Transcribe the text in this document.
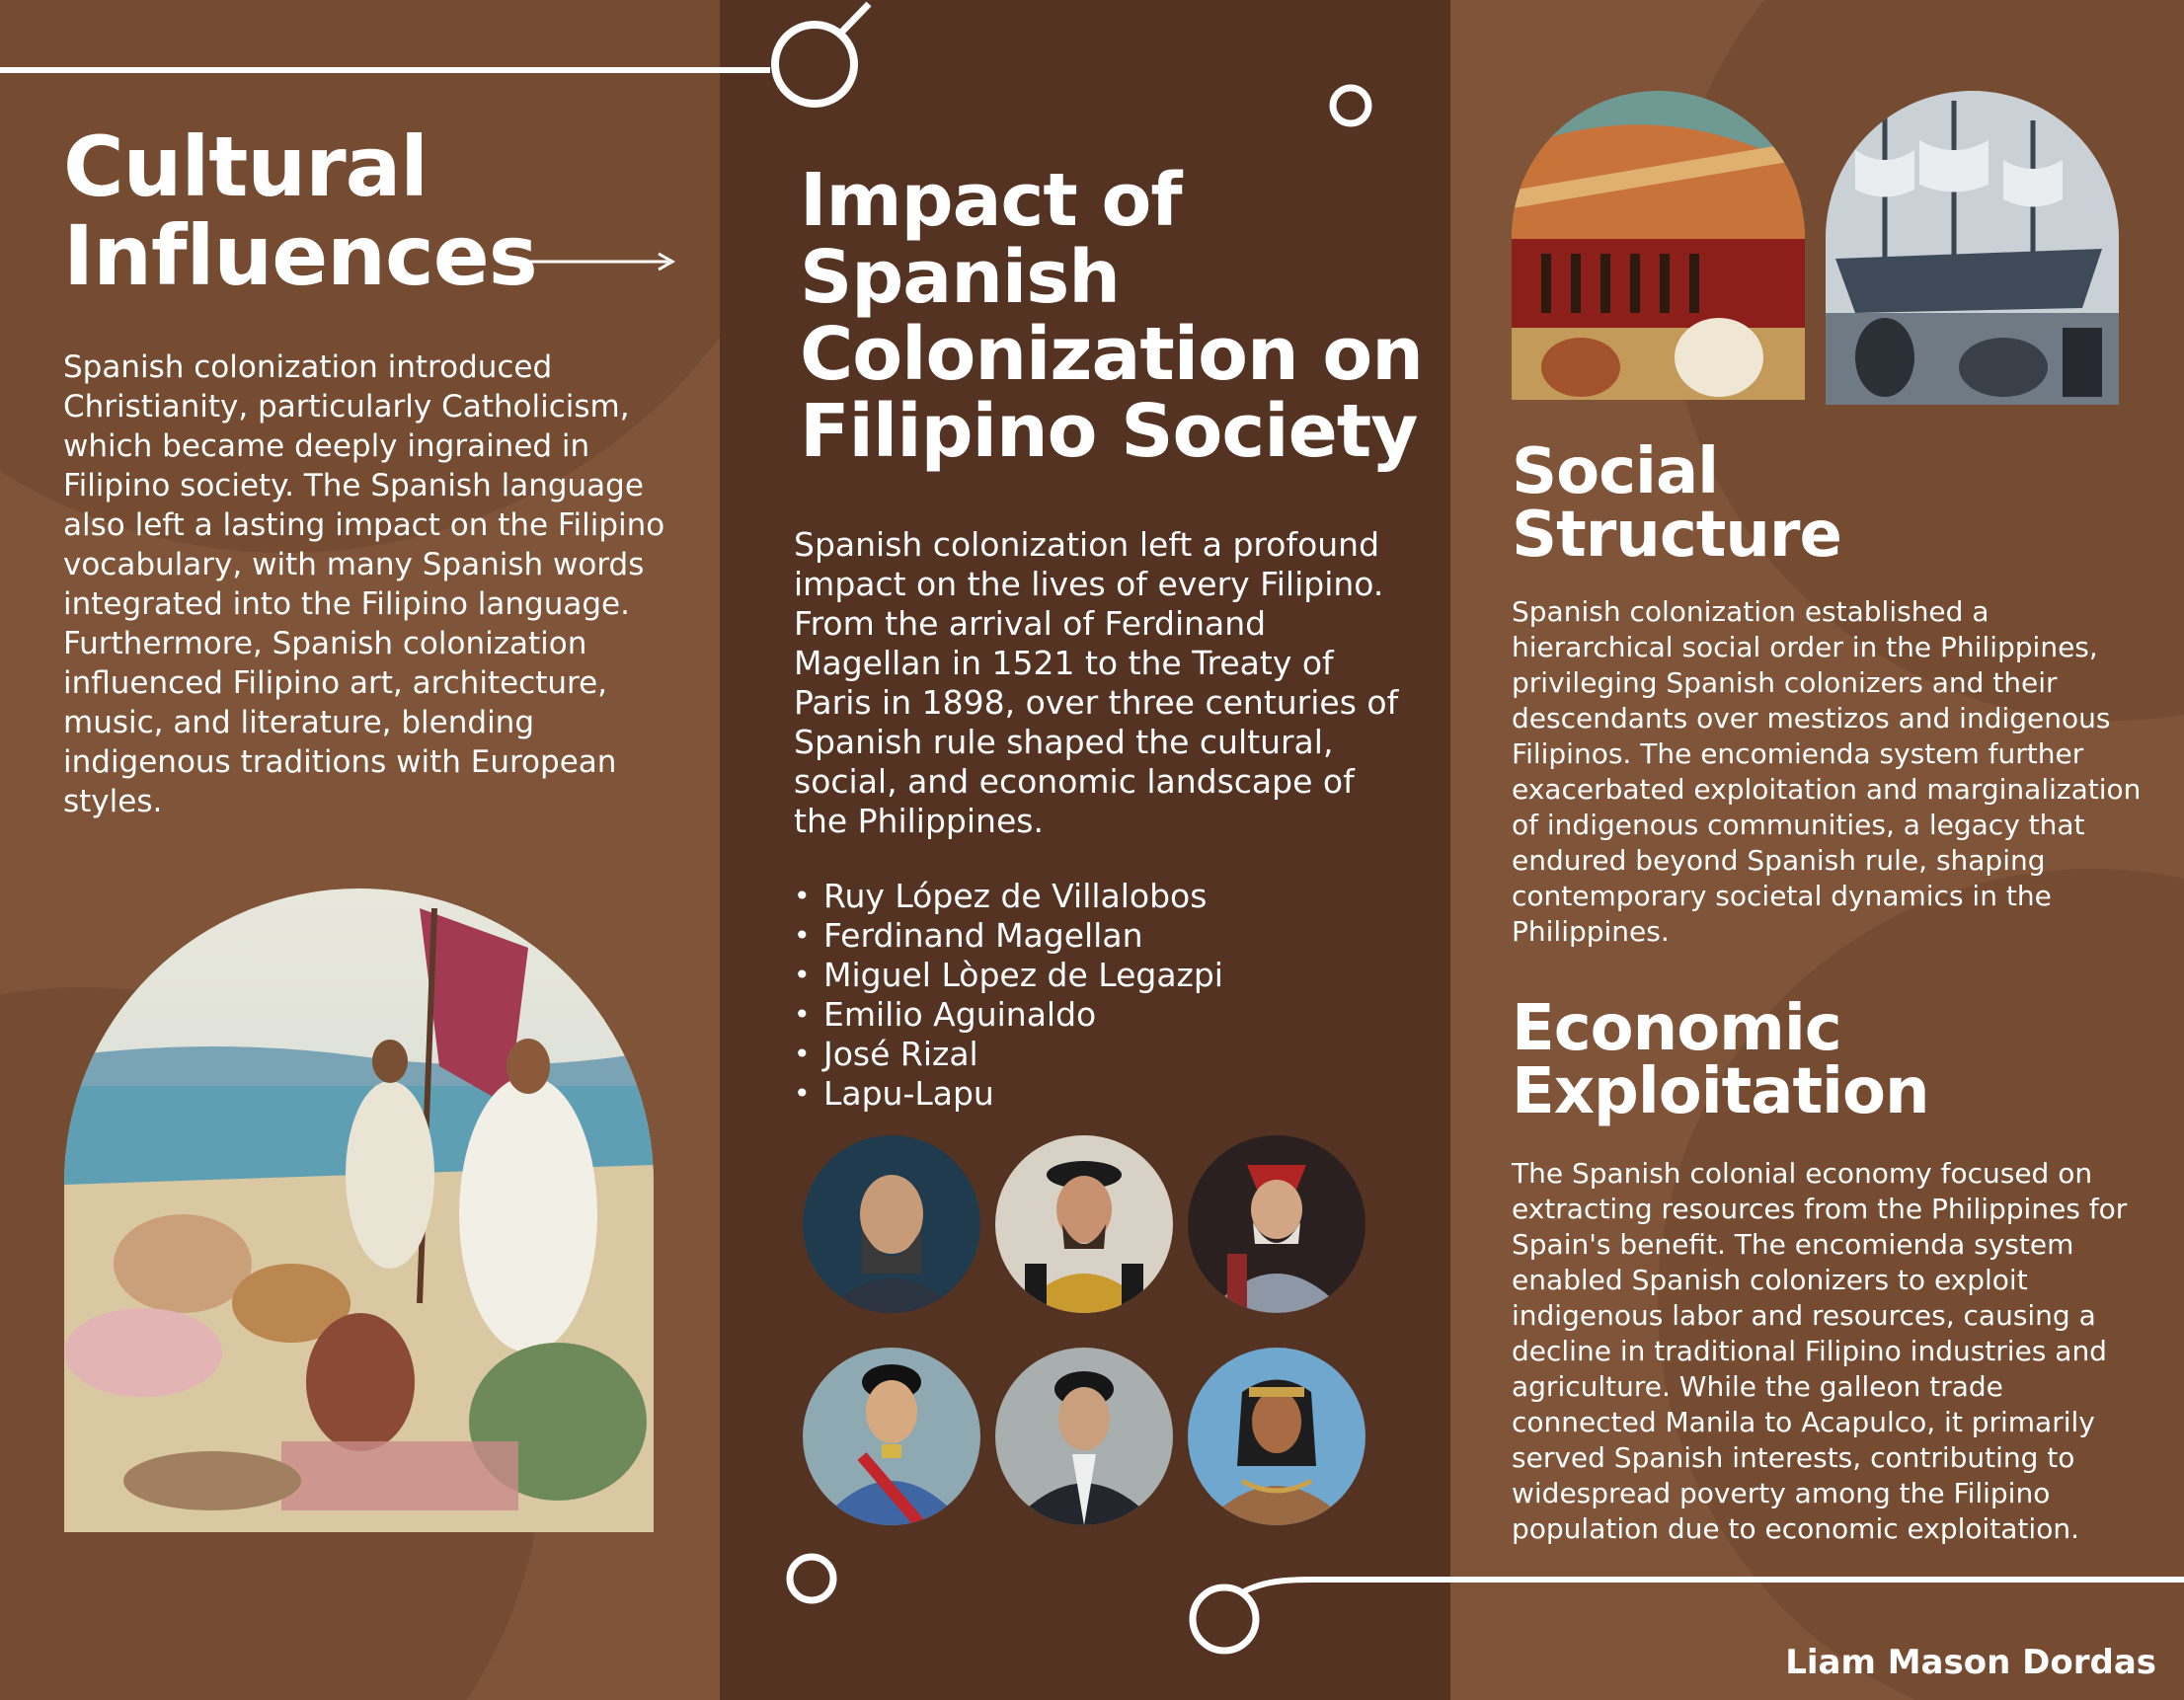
Cultural
Influences

Spanish colonization introduced Christianity, particularly Catholicism, which became deeply ingrained in Filipino society. The Spanish language also left a lasting impact on the Filipino vocabulary, with many Spanish words integrated into the Filipino language. Furthermore, Spanish colonization influenced Filipino art, architecture, music, and literature, blending indigenous traditions with European styles.

Impact of
Spanish
Colonization on
Filipino Society

Spanish colonization left a profound impact on the lives of every Filipino. From the arrival of Ferdinand Magellan in 1521 to the Treaty of Paris in 1898, over three centuries of Spanish rule shaped the cultural, social, and economic landscape of the Philippines.

• Ruy López de Villalobos
• Ferdinand Magellan
• Miguel Lòpez de Legazpi
• Emilio Aguinaldo
• José Rizal
• Lapu-Lapu
Social
Structure

Spanish colonization established a hierarchical social order in the Philippines, privileging Spanish colonizers and their descendants over mestizos and indigenous Filipinos. The encomienda system further exacerbated exploitation and marginalization of indigenous communities, a legacy that endured beyond Spanish rule, shaping contemporary societal dynamics in the Philippines.

Economic
Exploitation

The Spanish colonial economy focused on extracting resources from the Philippines for Spain's benefit. The encomienda system enabled Spanish colonizers to exploit indigenous labor and resources, causing a decline in traditional Filipino industries and agriculture. While the galleon trade connected Manila to Acapulco, it primarily served Spanish interests, contributing to widespread poverty among the Filipino population due to economic exploitation.

Liam Mason Dordas
